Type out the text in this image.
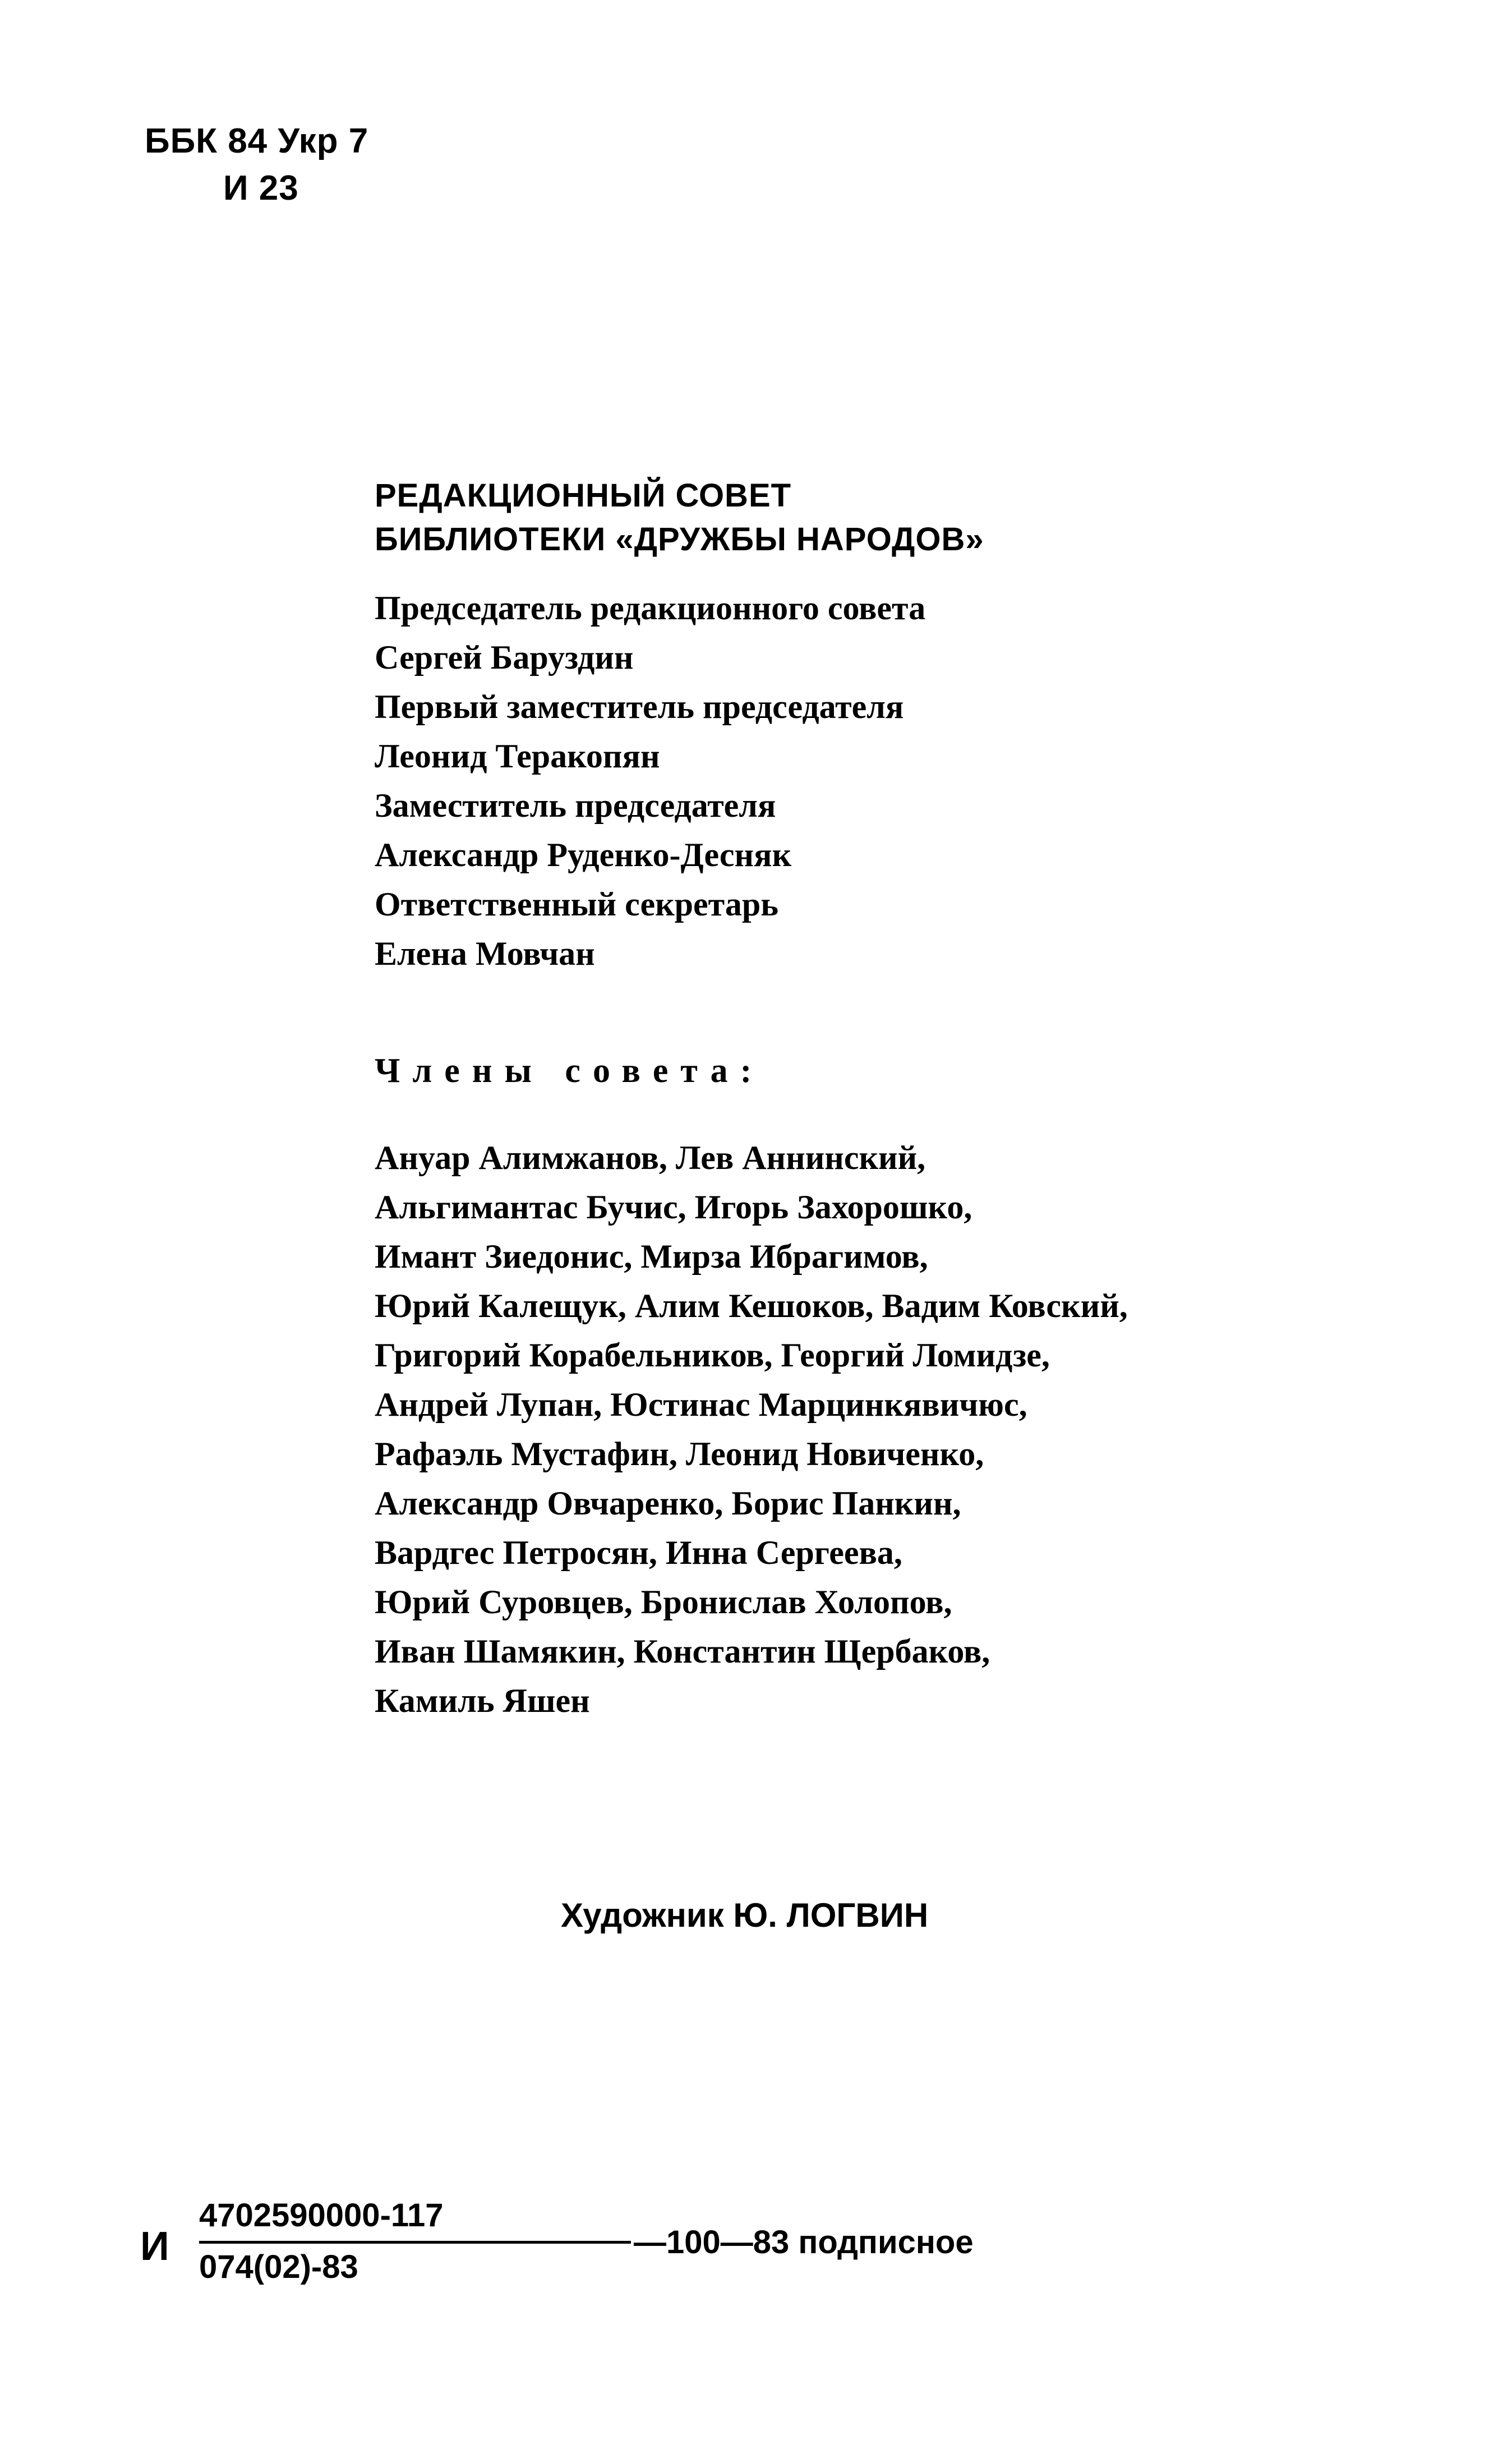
ББК 84 Укр 7
И 23
РЕДАКЦИОННЫЙ СОВЕТ
БИБЛИОТЕКИ «ДРУЖБЫ НАРОДОВ»
Председатель редакционного совета
Сергей Баруздин
Первый заместитель председателя
Леонид Теракопян
Заместитель председателя
Александр Руденко-Десняк
Ответственный секретарь
Елена Мовчан
Члены совета:
Ануар Алимжанов, Лев Аннинский,
Альгимантас Бучис, Игорь Захорошко,
Имант Зиедонис, Мирза Ибрагимов,
Юрий Калещук, Алим Кешоков, Вадим Ковский,
Григорий Корабельников, Георгий Ломидзе,
Андрей Лупан, Юстинас Марцинкявичюс,
Рафаэль Мустафин, Леонид Новиченко,
Александр Овчаренко, Борис Панкин,
Вардгес Петросян, Инна Сергеева,
Юрий Суровцев, Бронислав Холопов,
Иван Шамякин, Константин Щербаков,
Камиль Яшен
Художник Ю. ЛОГВИН
И
4702590000-117
074(02)-83
—100—83 подписное
